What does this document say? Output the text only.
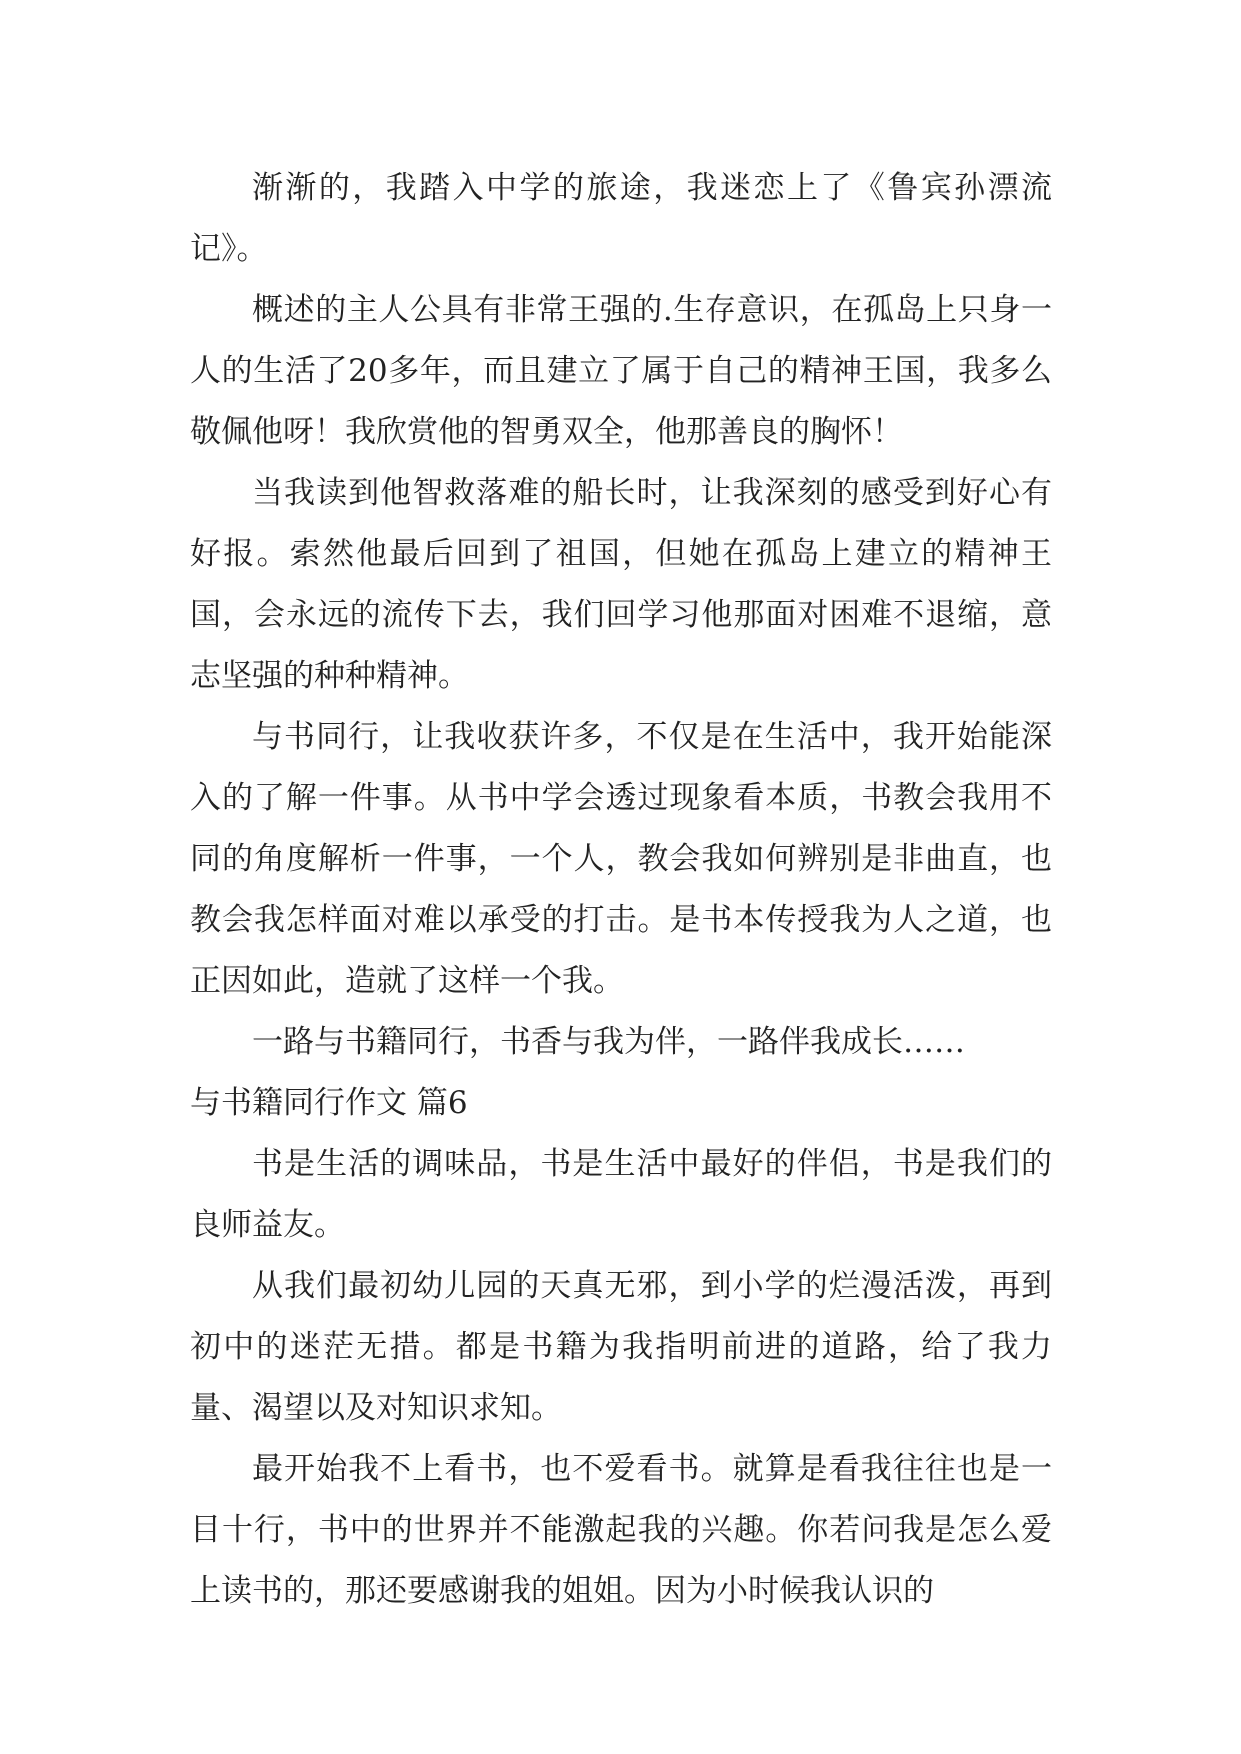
渐渐的，我踏入中学的旅途，我迷恋上了《鲁宾孙漂流记》。

概述的主人公具有非常王强的.生存意识，在孤岛上只身一人的生活了20多年，而且建立了属于自己的精神王国，我多么敬佩他呀！我欣赏他的智勇双全，他那善良的胸怀！

当我读到他智救落难的船长时，让我深刻的感受到好心有好报。索然他最后回到了祖国，但她在孤岛上建立的精神王国，会永远的流传下去，我们回学习他那面对困难不退缩，意志坚强的种种精神。

与书同行，让我收获许多，不仅是在生活中，我开始能深入的了解一件事。从书中学会透过现象看本质，书教会我用不同的角度解析一件事，一个人，教会我如何辨别是非曲直，也教会我怎样面对难以承受的打击。是书本传授我为人之道，也正因如此，造就了这样一个我。

一路与书籍同行，书香与我为伴，一路伴我成长……

与书籍同行作文 篇6

书是生活的调味品，书是生活中最好的伴侣，书是我们的良师益友。

从我们最初幼儿园的天真无邪，到小学的烂漫活泼，再到初中的迷茫无措。都是书籍为我指明前进的道路，给了我力量、渴望以及对知识求知。

最开始我不上看书，也不爱看书。就算是看我往往也是一目十行，书中的世界并不能激起我的兴趣。你若问我是怎么爱上读书的，那还要感谢我的姐姐。因为小时候我认识的
